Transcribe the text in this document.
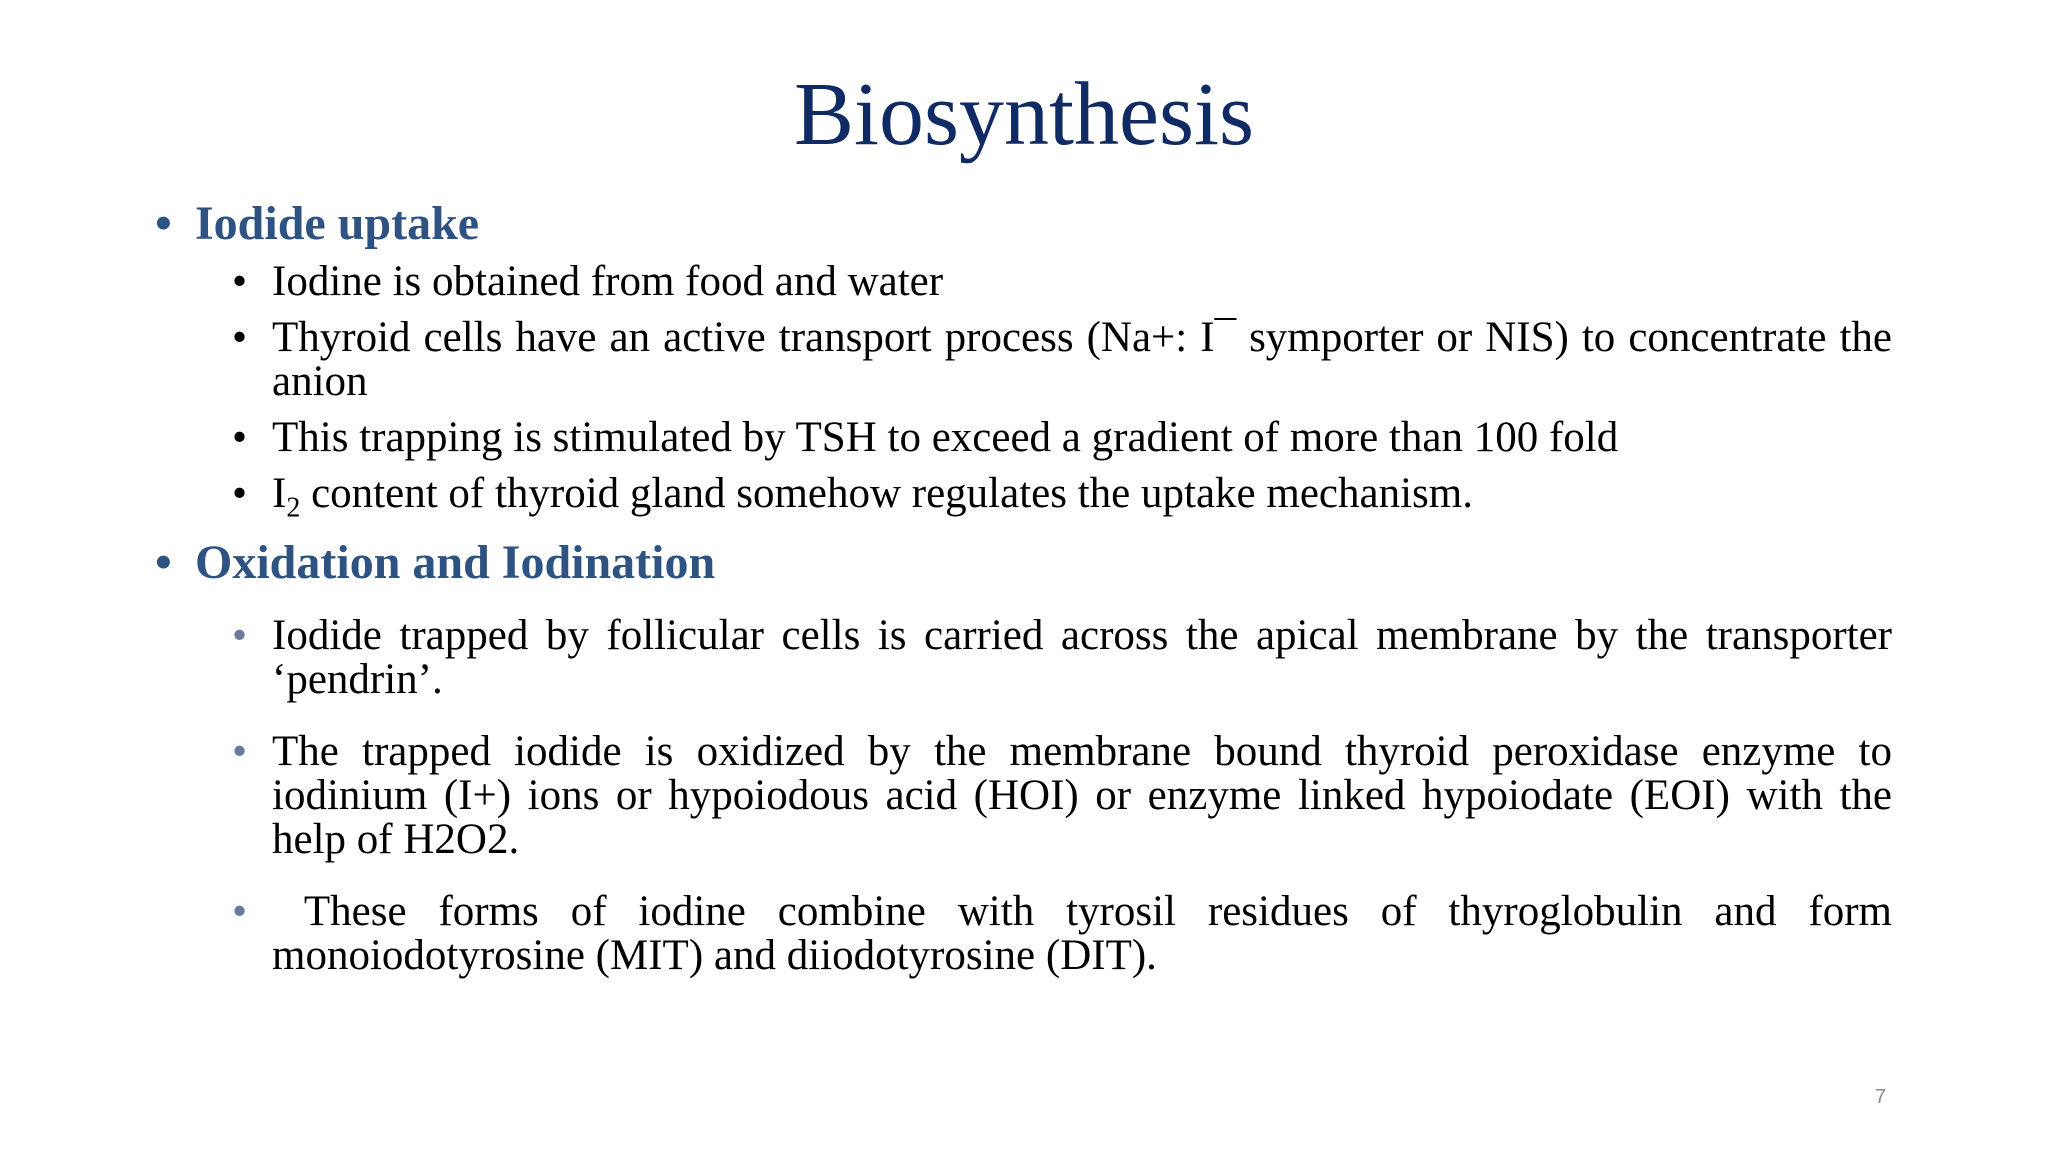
Biosynthesis
• Iodide uptake
• Iodine is obtained from food and water
• Thyroid cells have an active transport process (Na+: I¯ symporter or NIS) to concentrate the anion
• This trapping is stimulated by TSH to exceed a gradient of more than 100 fold
• $I_2$ content of thyroid gland somehow regulates the uptake mechanism.
• Oxidation and Iodination
• Iodide trapped by follicular cells is carried across the apical membrane by the transporter ‘pendrin’.
• The trapped iodide is oxidized by the membrane bound thyroid peroxidase enzyme to iodinium (I+) ions or hypoiodous acid (HOI) or enzyme linked hypoiodate (EOI) with the help of H2O2.
• These forms of iodine combine with tyrosil residues of thyroglobulin and form monoiodotyrosine (MIT) and diiodotyrosine (DIT).
7
